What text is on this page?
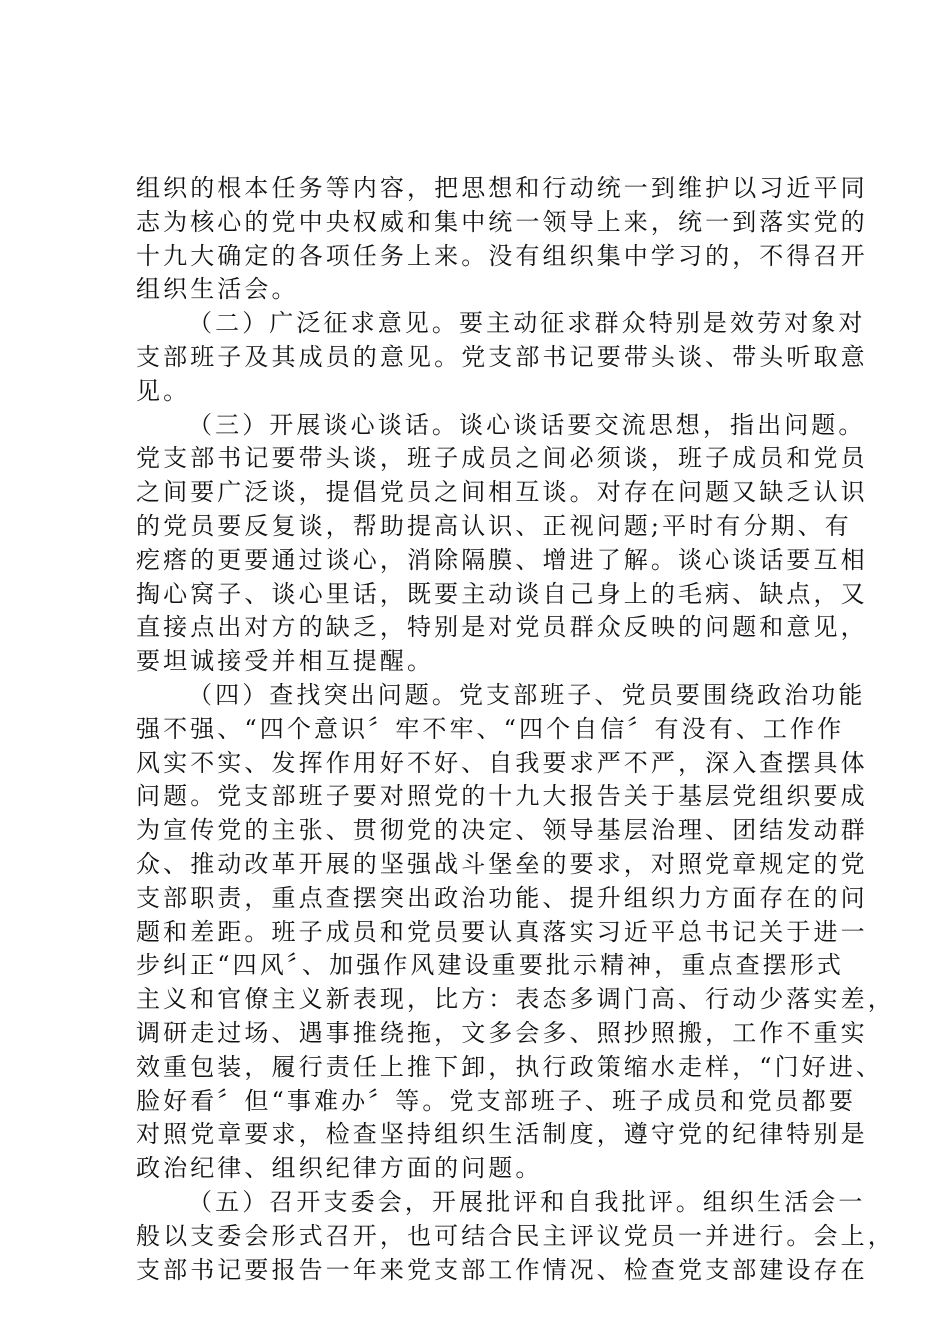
组织的根本任务等内容，把思想和行动统一到维护以习近平同
志为核心的党中央权威和集中统一领导上来，统一到落实党的
十九大确定的各项任务上来。没有组织集中学习的，不得召开
组织生活会。
（二）广泛征求意见。要主动征求群众特别是效劳对象对
支部班子及其成员的意见。党支部书记要带头谈、带头听取意
见。
（三）开展谈心谈话。谈心谈话要交流思想，指出问题。
党支部书记要带头谈，班子成员之间必须谈，班子成员和党员
之间要广泛谈，提倡党员之间相互谈。对存在问题又缺乏认识
的党员要反复谈，帮助提高认识、正视问题;平时有分期、有
疙瘩的更要通过谈心，消除隔膜、增进了解。谈心谈话要互相
掏心窝子、谈心里话，既要主动谈自己身上的毛病、缺点，又
直接点出对方的缺乏，特别是对党员群众反映的问题和意见，
要坦诚接受并相互提醒。
（四）查找突出问题。党支部班子、党员要围绕政治功能
强不强、“四个意识〞牢不牢、“四个自信〞有没有、工作作
风实不实、发挥作用好不好、自我要求严不严，深入查摆具体
问题。党支部班子要对照党的十九大报告关于基层党组织要成
为宣传党的主张、贯彻党的决定、领导基层治理、团结发动群
众、推动改革开展的坚强战斗堡垒的要求，对照党章规定的党
支部职责，重点查摆突出政治功能、提升组织力方面存在的问
题和差距。班子成员和党员要认真落实习近平总书记关于进一
步纠正“四风〞、加强作风建设重要批示精神，重点查摆形式
主义和官僚主义新表现，比方：表态多调门高、行动少落实差，
调研走过场、遇事推绕拖，文多会多、照抄照搬，工作不重实
效重包装，履行责任上推下卸，执行政策缩水走样，“门好进、
脸好看〞但“事难办〞等。党支部班子、班子成员和党员都要
对照党章要求，检查坚持组织生活制度，遵守党的纪律特别是
政治纪律、组织纪律方面的问题。
（五）召开支委会，开展批评和自我批评。组织生活会一
般以支委会形式召开，也可结合民主评议党员一并进行。会上，
支部书记要报告一年来党支部工作情况、检查党支部建设存在
